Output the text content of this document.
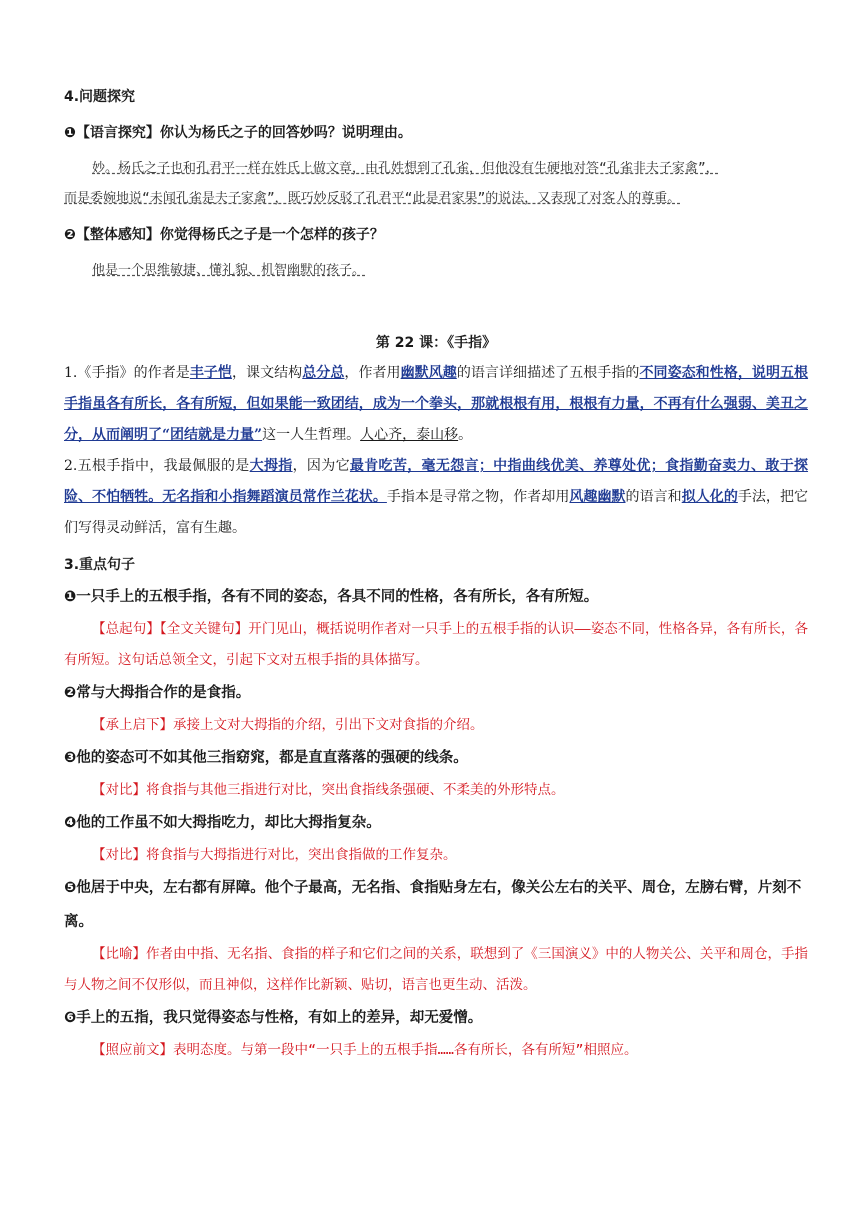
4.问题探究
❶【语言探究】你认为杨氏之子的回答妙吗？说明理由。
妙。杨氏之子也和孔君平一样在姓氏上做文章，由孔姓想到了孔雀，但他没有生硬地对答“孔雀非夫子家禽”，
而是委婉地说“未闻孔雀是夫子家禽”，既巧妙反驳了孔君平“此是君家果”的说法，又表现了对客人的尊重。
❷【整体感知】你觉得杨氏之子是一个怎样的孩子？
他是一个思维敏捷、懂礼貌、机智幽默的孩子。
第 22 课：《手指》
1.《手指》的作者是丰子恺，课文结构总分总，作者用幽默风趣的语言详细描述了五根手指的不同姿态和性格，说明五根手指虽各有所长，各有所短，但如果能一致团结，成为一个拳头，那就根根有用，根根有力量，不再有什么强弱、美丑之分，从而阐明了“团结就是力量”这一人生哲理。人心齐，泰山移。
2.五根手指中，我最佩服的是大拇指，因为它最肯吃苦，毫无怨言；中指曲线优美、养尊处优；食指勤奋卖力、敢于探险、不怕牺牲。无名指和小指舞蹈演员常作兰花状。手指本是寻常之物，作者却用风趣幽默的语言和拟人化的手法，把它们写得灵动鲜活，富有生趣。
3.重点句子
❶一只手上的五根手指，各有不同的姿态，各具不同的性格，各有所长，各有所短。
【总起句】【全文关键句】开门见山，概括说明作者对一只手上的五根手指的认识——姿态不同，性格各异，各有所长，各有所短。这句话总领全文，引起下文对五根手指的具体描写。
❷常与大拇指合作的是食指。
【承上启下】承接上文对大拇指的介绍，引出下文对食指的介绍。
❸他的姿态可不如其他三指窈窕，都是直直落落的强硬的线条。
【对比】将食指与其他三指进行对比，突出食指线条强硬、不柔美的外形特点。
❹他的工作虽不如大拇指吃力，却比大拇指复杂。
【对比】将食指与大拇指进行对比，突出食指做的工作复杂。
❺他居于中央，左右都有屏障。他个子最高，无名指、食指贴身左右，像关公左右的关平、周仓，左膀右臂，片刻不离。
【比喻】作者由中指、无名指、食指的样子和它们之间的关系，联想到了《三国演义》中的人物关公、关平和周仓，手指与人物之间不仅形似，而且神似，这样作比新颖、贴切，语言也更生动、活泼。
❻手上的五指，我只觉得姿态与性格，有如上的差异，却无爱憎。
【照应前文】表明态度。与第一段中“一只手上的五根手指……各有所长，各有所短”相照应。
